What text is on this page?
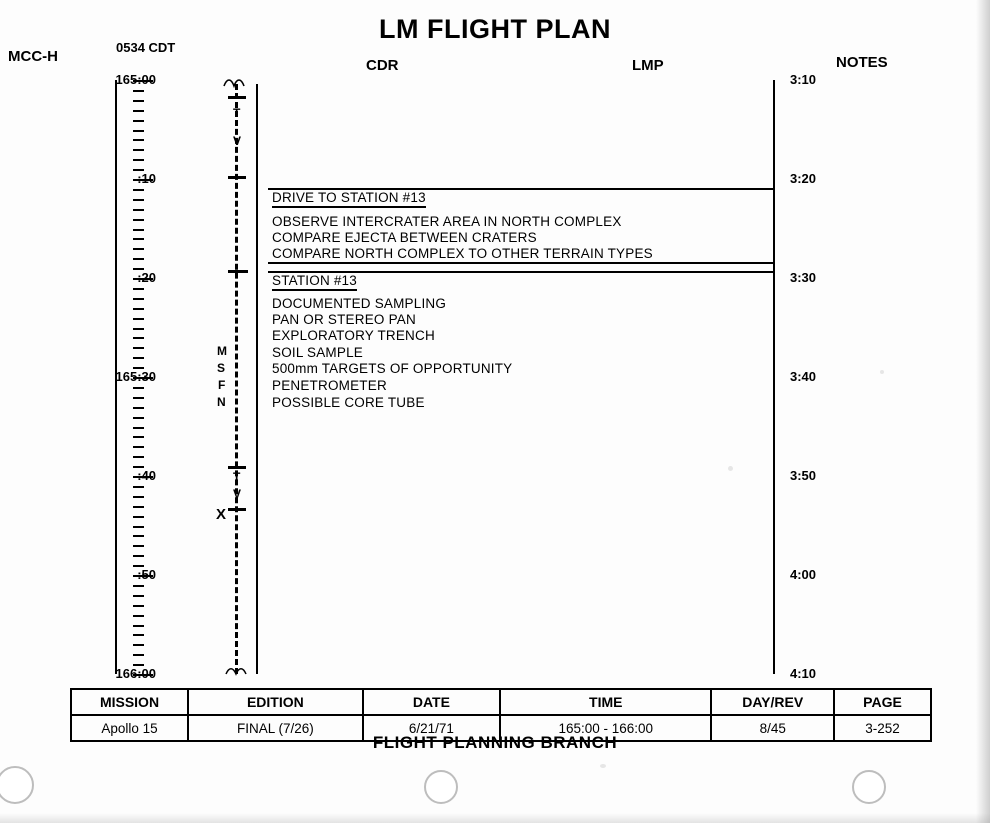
LM FLIGHT PLAN
MCC-H	NOTES
0534 CDT
CDR	LMP
165:00
:10
:20
165:30
:40
:50
166:00
T
V
M
S
F
N
T
V
X
DRIVE TO STATION #13
OBSERVE INTERCRATER AREA IN NORTH COMPLEX
COMPARE EJECTA BETWEEN CRATERS
COMPARE NORTH COMPLEX TO OTHER TERRAIN TYPES
STATION #13
DOCUMENTED SAMPLING
PAN OR STEREO PAN
EXPLORATORY TRENCH
SOIL SAMPLE
500mm TARGETS OF OPPORTUNITY
PENETROMETER
POSSIBLE CORE TUBE
3:10
3:20
3:30
3:40
3:50
4:00
4:10
MISSION	EDITION	DATE	TIME	DAY/REV	PAGE
Apollo 15	FINAL (7/26)	6/21/71	165:00 - 166:00	8/45	3-252
FLIGHT PLANNING BRANCH
